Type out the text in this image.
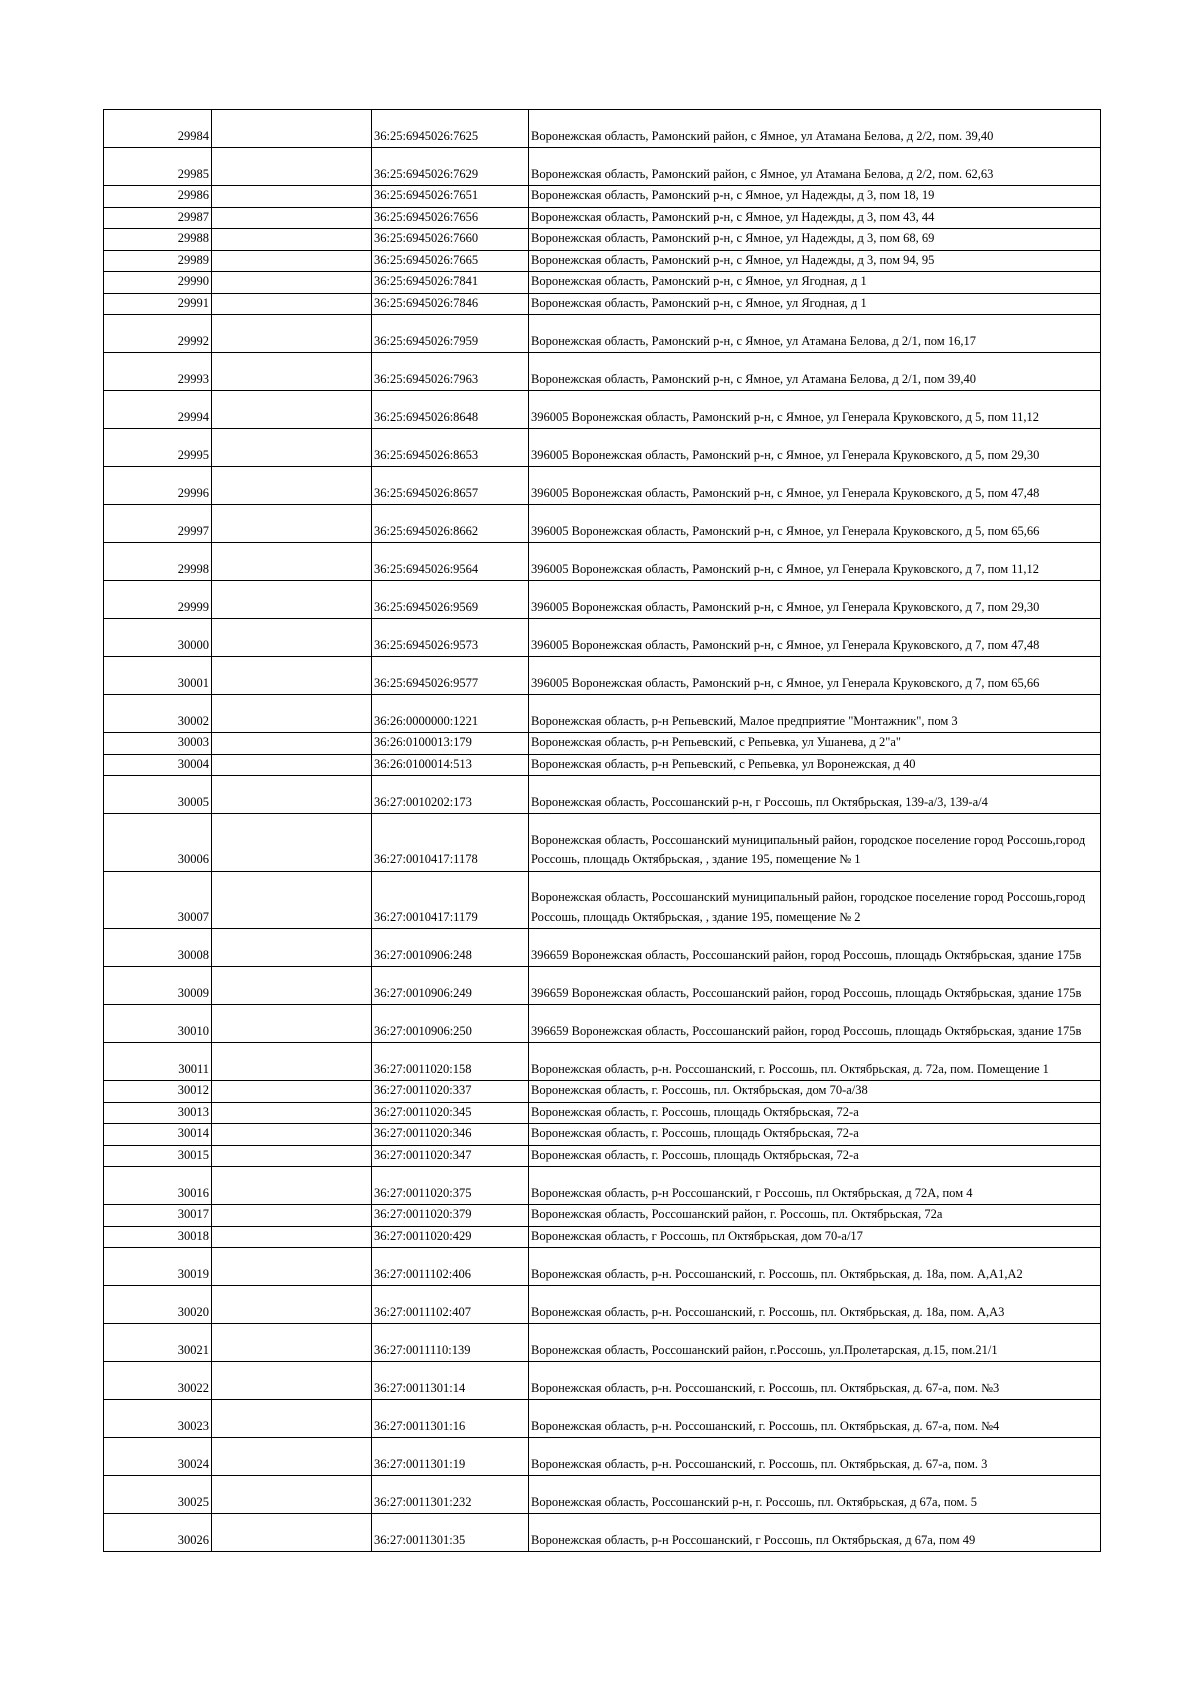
29984		36:25:6945026:7625	Воронежская область, Рамонский район, с Ямное, ул Атамана Белова, д 2/2, пом. 39,40
29985		36:25:6945026:7629	Воронежская область, Рамонский район, с Ямное, ул Атамана Белова, д 2/2, пом. 62,63
29986		36:25:6945026:7651	Воронежская область, Рамонский р-н, с Ямное, ул Надежды, д 3, пом 18, 19
29987		36:25:6945026:7656	Воронежская область, Рамонский р-н, с Ямное, ул Надежды, д 3, пом 43, 44
29988		36:25:6945026:7660	Воронежская область, Рамонский р-н, с Ямное, ул Надежды, д 3, пом 68, 69
29989		36:25:6945026:7665	Воронежская область, Рамонский р-н, с Ямное, ул Надежды, д 3, пом 94, 95
29990		36:25:6945026:7841	Воронежская область, Рамонский р-н, с Ямное, ул Ягодная, д 1
29991		36:25:6945026:7846	Воронежская область, Рамонский р-н, с Ямное, ул Ягодная, д 1
29992		36:25:6945026:7959	Воронежская область, Рамонский р-н, с Ямное, ул Атамана Белова, д 2/1, пом 16,17
29993		36:25:6945026:7963	Воронежская область, Рамонский р-н, с Ямное, ул Атамана Белова, д 2/1, пом 39,40
29994		36:25:6945026:8648	396005 Воронежская область, Рамонский р-н, с Ямное, ул Генерала Круковского, д 5, пом 11,12
29995		36:25:6945026:8653	396005 Воронежская область, Рамонский р-н, с Ямное, ул Генерала Круковского, д 5, пом 29,30
29996		36:25:6945026:8657	396005 Воронежская область, Рамонский р-н, с Ямное, ул Генерала Круковского, д 5, пом 47,48
29997		36:25:6945026:8662	396005 Воронежская область, Рамонский р-н, с Ямное, ул Генерала Круковского, д 5, пом 65,66
29998		36:25:6945026:9564	396005 Воронежская область, Рамонский р-н, с Ямное, ул Генерала Круковского, д 7, пом 11,12
29999		36:25:6945026:9569	396005 Воронежская область, Рамонский р-н, с Ямное, ул Генерала Круковского, д 7, пом 29,30
30000		36:25:6945026:9573	396005 Воронежская область, Рамонский р-н, с Ямное, ул Генерала Круковского, д 7, пом 47,48
30001		36:25:6945026:9577	396005 Воронежская область, Рамонский р-н, с Ямное, ул Генерала Круковского, д 7, пом 65,66
30002		36:26:0000000:1221	Воронежская область, р-н Репьевский, Малое предприятие "Монтажник", пом 3
30003		36:26:0100013:179	Воронежская область, р-н Репьевский, с Репьевка, ул Ушанева, д 2"а"
30004		36:26:0100014:513	Воронежская область, р-н Репьевский, с Репьевка, ул Воронежская, д 40
30005		36:27:0010202:173	Воронежская область, Россошанский р-н, г Россошь, пл Октябрьская, 139-а/3, 139-а/4
30006		36:27:0010417:1178	Воронежская область, Россошанский муниципальный район, городское поселение город Россошь,город Россошь, площадь Октябрьская, , здание 195, помещение № 1
30007		36:27:0010417:1179	Воронежская область, Россошанский муниципальный район, городское поселение город Россошь,город Россошь, площадь Октябрьская, , здание 195, помещение № 2
30008		36:27:0010906:248	396659 Воронежская область, Россошанский район, город Россошь, площадь Октябрьская, здание 175в
30009		36:27:0010906:249	396659 Воронежская область, Россошанский район, город Россошь, площадь Октябрьская, здание 175в
30010		36:27:0010906:250	396659 Воронежская область, Россошанский район, город Россошь, площадь Октябрьская, здание 175в
30011		36:27:0011020:158	Воронежская область, р-н. Россошанский, г. Россошь, пл. Октябрьская, д. 72а, пом. Помещение 1
30012		36:27:0011020:337	Воронежская область, г. Россошь, пл. Октябрьская, дом 70-а/38
30013		36:27:0011020:345	Воронежская область, г. Россошь, площадь Октябрьская, 72-а
30014		36:27:0011020:346	Воронежская область, г. Россошь, площадь Октябрьская, 72-а
30015		36:27:0011020:347	Воронежская область, г. Россошь, площадь Октябрьская, 72-а
30016		36:27:0011020:375	Воронежская область, р-н Россошанский, г Россошь, пл Октябрьская, д 72А, пом 4
30017		36:27:0011020:379	Воронежская область, Россошанский район, г. Россошь, пл. Октябрьская, 72а
30018		36:27:0011020:429	Воронежская область, г Россошь, пл Октябрьская, дом 70-а/17
30019		36:27:0011102:406	Воронежская область, р-н. Россошанский, г. Россошь, пл. Октябрьская, д. 18а, пом. А,А1,А2
30020		36:27:0011102:407	Воронежская область, р-н. Россошанский, г. Россошь, пл. Октябрьская, д. 18а, пом. А,А3
30021		36:27:0011110:139	Воронежская область, Россошанский район, г.Россошь, ул.Пролетарская, д.15, пом.21/1
30022		36:27:0011301:14	Воронежская область, р-н. Россошанский, г. Россошь, пл. Октябрьская, д. 67-а, пом. №3
30023		36:27:0011301:16	Воронежская область, р-н. Россошанский, г. Россошь, пл. Октябрьская, д. 67-а, пом. №4
30024		36:27:0011301:19	Воронежская область, р-н. Россошанский, г. Россошь, пл. Октябрьская, д. 67-а, пом. 3
30025		36:27:0011301:232	Воронежская область, Россошанский р-н, г. Россошь, пл. Октябрьская, д 67а, пом. 5
30026		36:27:0011301:35	Воронежская область, р-н Россошанский, г Россошь, пл Октябрьская, д 67а, пом 49
